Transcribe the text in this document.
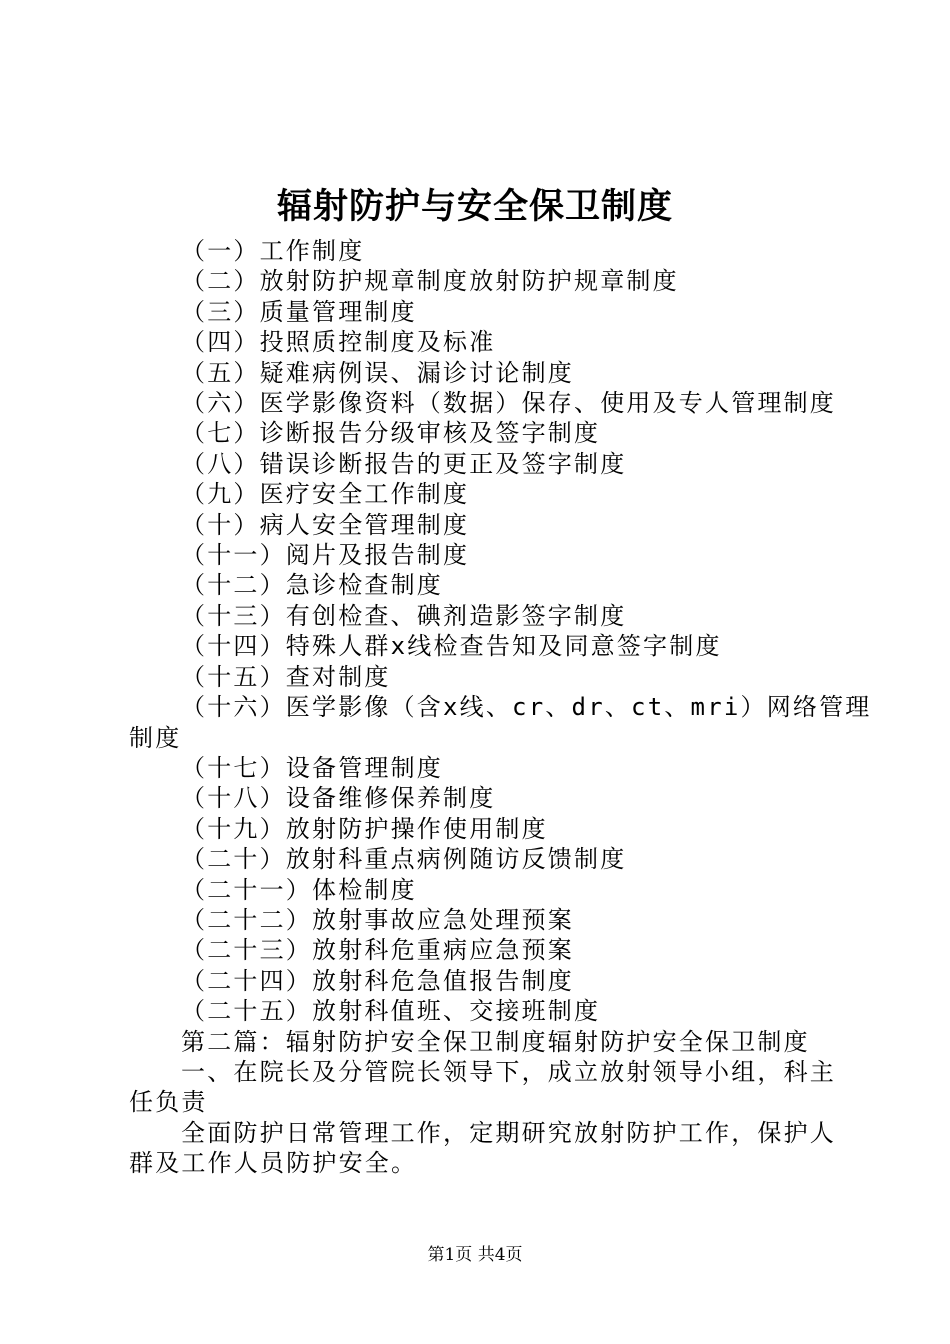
辐射防护与安全保卫制度
（一）工作制度
（二）放射防护规章制度放射防护规章制度
（三）质量管理制度
（四）投照质控制度及标准
（五）疑难病例误、漏诊讨论制度
（六）医学影像资料（数据）保存、使用及专人管理制度
（七）诊断报告分级审核及签字制度
（八）错误诊断报告的更正及签字制度
（九）医疗安全工作制度
（十）病人安全管理制度
（十一）阅片及报告制度
（十二）急诊检查制度
（十三）有创检查、碘剂造影签字制度
（十四）特殊人群x线检查告知及同意签字制度
（十五）查对制度
（十六）医学影像（含x线、cr、dr、ct、mri）网络管理
制度
（十七）设备管理制度
（十八）设备维修保养制度
（十九）放射防护操作使用制度
（二十）放射科重点病例随访反馈制度
（二十一）体检制度
（二十二）放射事故应急处理预案
（二十三）放射科危重病应急预案
（二十四）放射科危急值报告制度
（二十五）放射科值班、交接班制度
第二篇：辐射防护安全保卫制度辐射防护安全保卫制度
一、在院长及分管院长领导下，成立放射领导小组，科主任负责
全面防护日常管理工作，定期研究放射防护工作，保护人群及工作人员防护安全。
第1页 共4页
